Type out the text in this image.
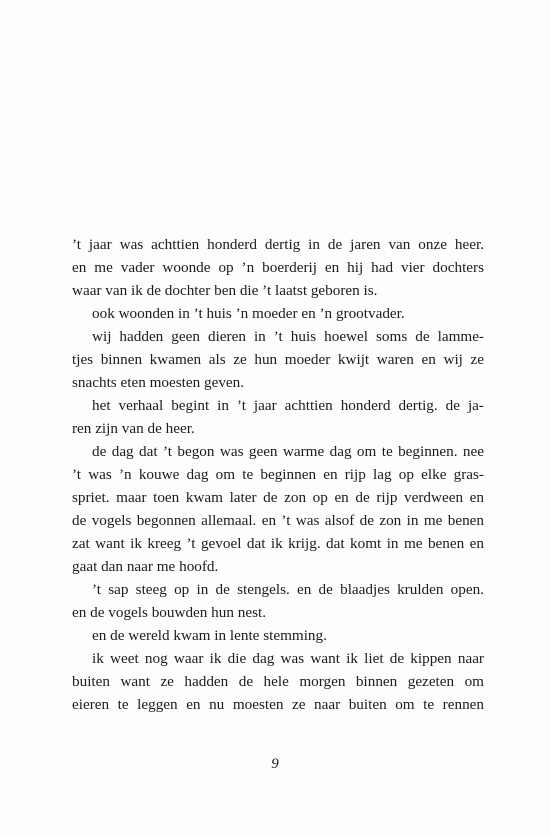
’t jaar was achttien honderd dertig in de jaren van onze heer.
en me vader woonde op ’n boerderij en hij had vier dochters
waar van ik de dochter ben die ’t laatst geboren is.
ook woonden in ’t huis ’n moeder en ’n grootvader.
wij hadden geen dieren in ’t huis hoewel soms de lamme-
tjes binnen kwamen als ze hun moeder kwijt waren en wij ze
snachts eten moesten geven.
het verhaal begint in ’t jaar achttien honderd dertig. de ja-
ren zijn van de heer.
de dag dat ’t begon was geen warme dag om te beginnen. nee
’t was ’n kouwe dag om te beginnen en rijp lag op elke gras-
spriet. maar toen kwam later de zon op en de rijp verdween en
de vogels begonnen allemaal. en ’t was alsof de zon in me benen
zat want ik kreeg ’t gevoel dat ik krijg. dat komt in me benen en
gaat dan naar me hoofd.
’t sap steeg op in de stengels. en de blaadjes krulden open.
en de vogels bouwden hun nest.
en de wereld kwam in lente stemming.
ik weet nog waar ik die dag was want ik liet de kippen naar
buiten want ze hadden de hele morgen binnen gezeten om
eieren te leggen en nu moesten ze naar buiten om te rennen
9
